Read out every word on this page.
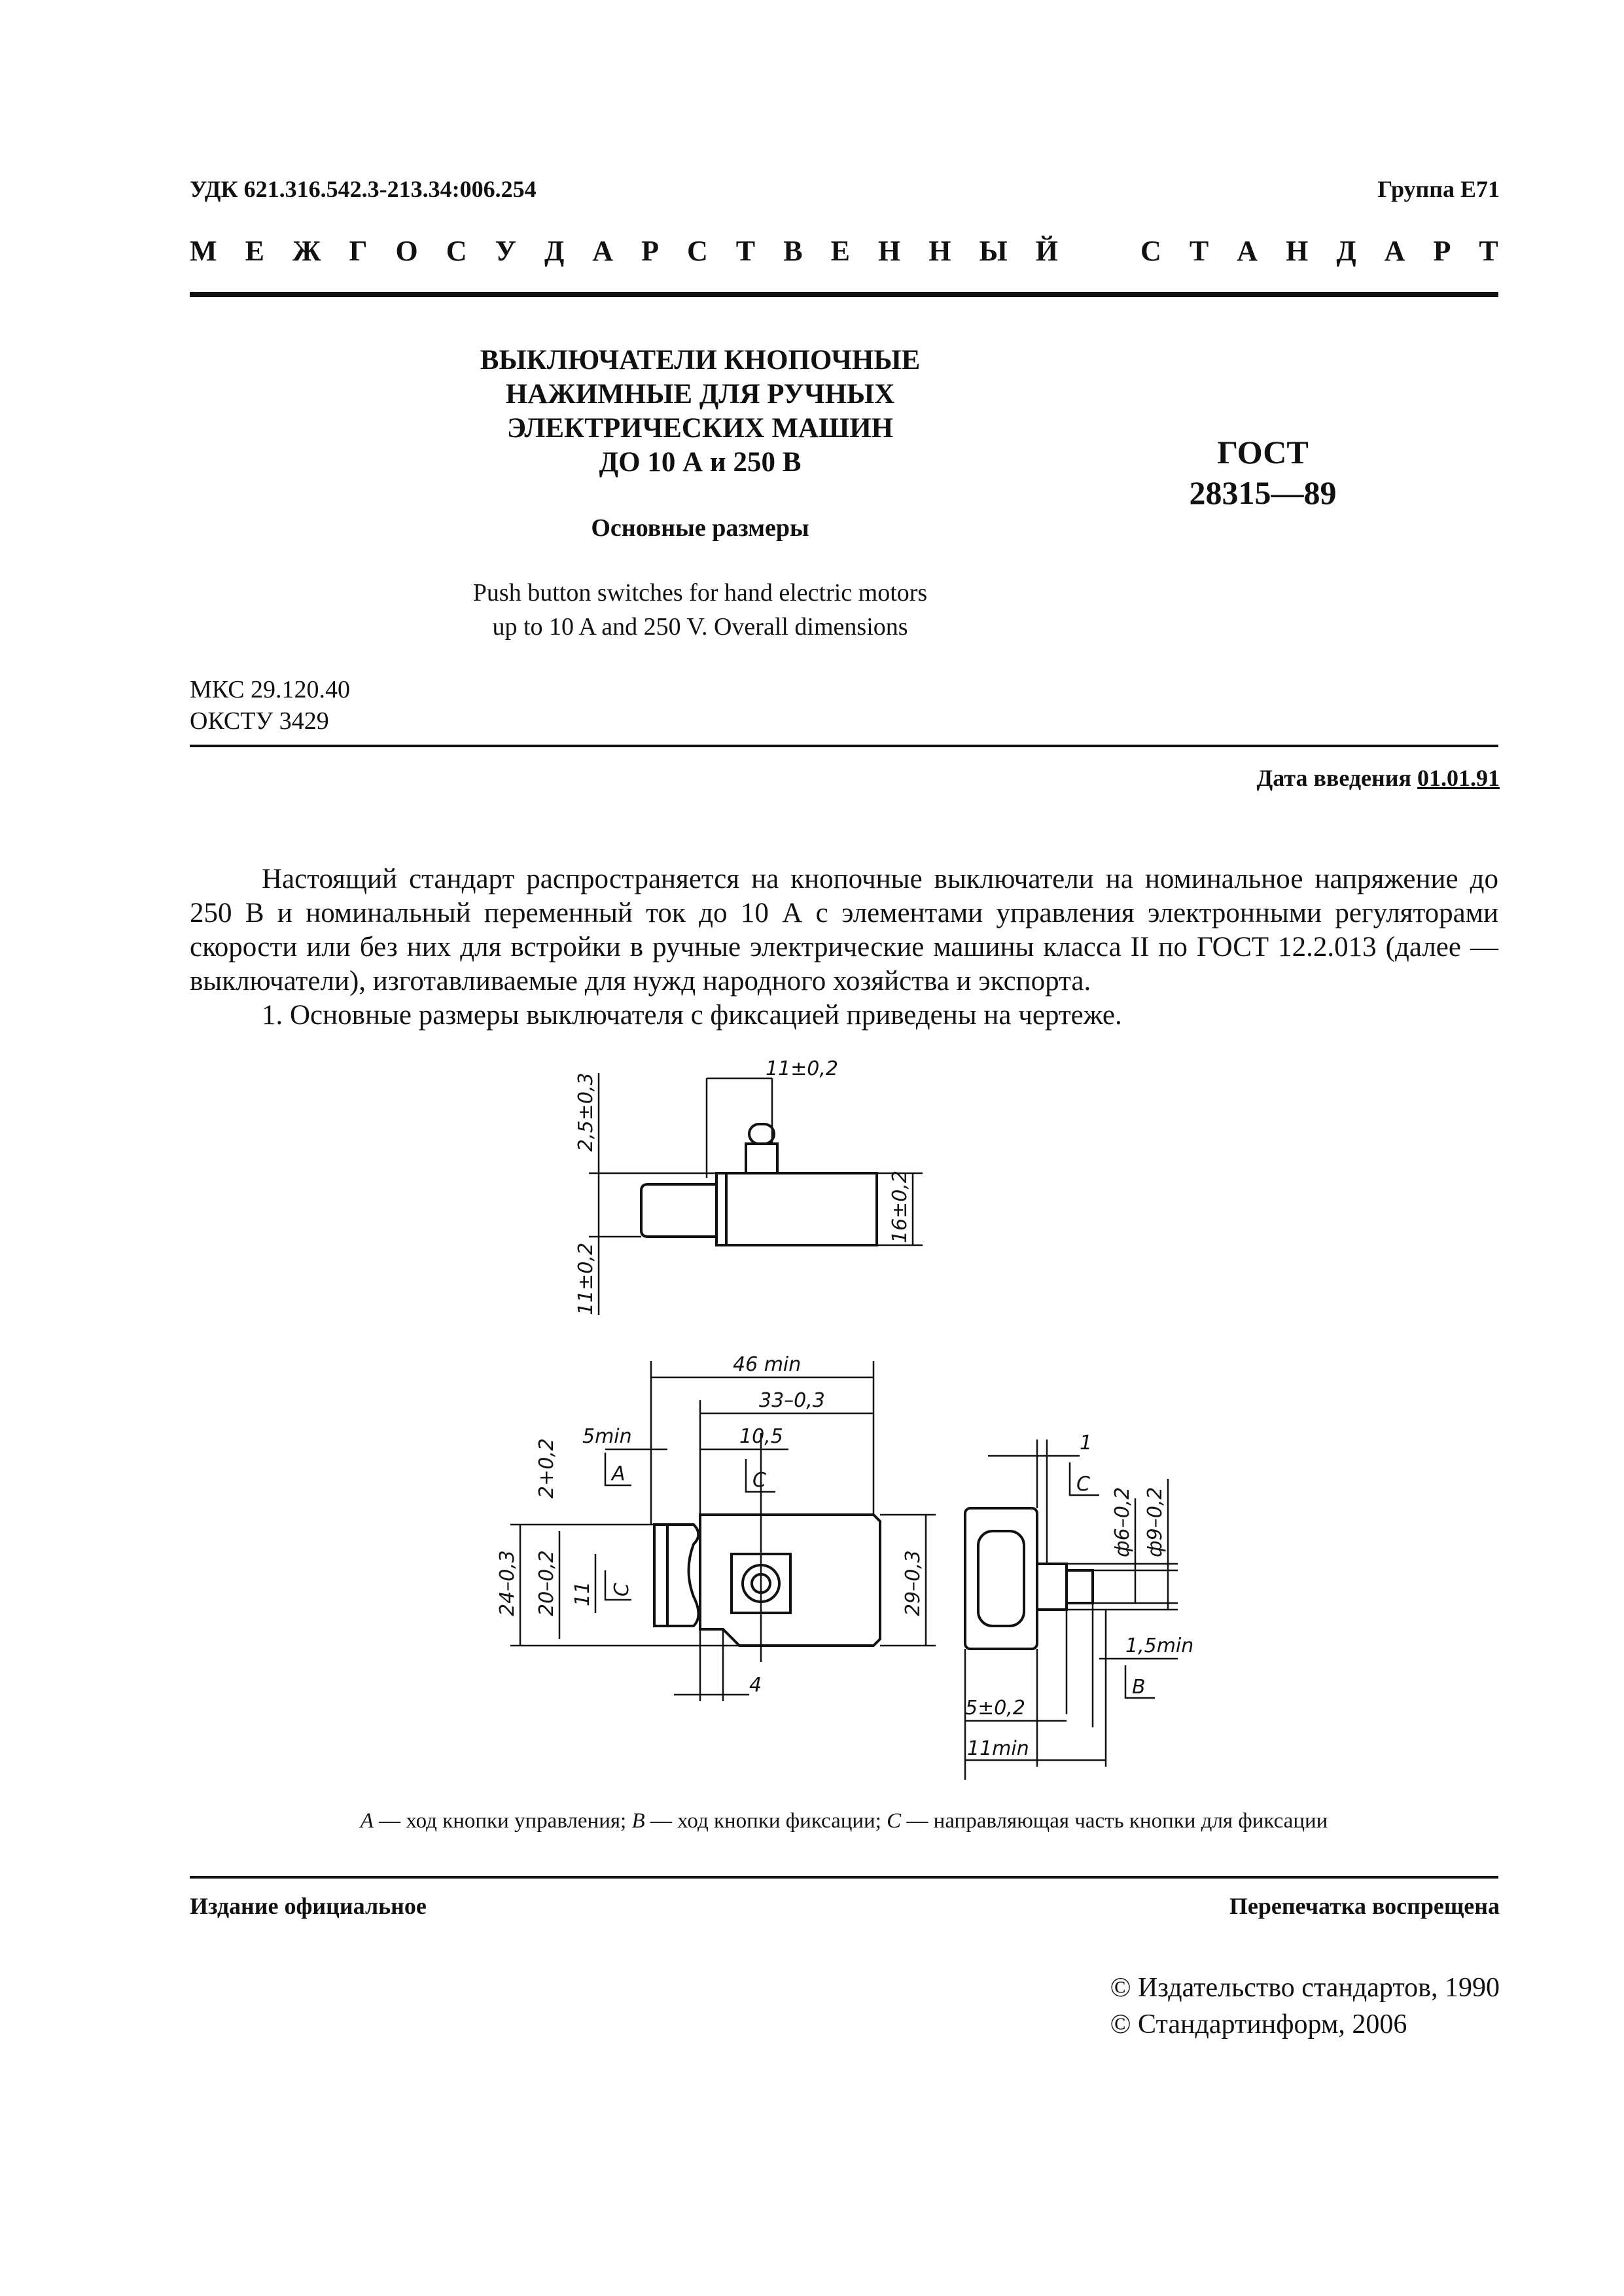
УДК 621.316.542.3-213.34:006.254	Группа Е71
М Е Ж Г О С У Д А Р С Т В Е Н Н Ы Й	С Т А Н Д А Р Т
ВЫКЛЮЧАТЕЛИ КНОПОЧНЫЕ
НАЖИМНЫЕ ДЛЯ РУЧНЫХ
ЭЛЕКТРИЧЕСКИХ МАШИН
ДО 10 А и 250 В
Основные размеры
Push button switches for hand electric motors
up to 10 A and 250 V. Overall dimensions
ГОСТ
28315—89
МКС 29.120.40
ОКСТУ 3429
Дата введения 01.01.91

Настоящий стандарт распространяется на кнопочные выключатели на номинальное напряжение до 250 В и номинальный переменный ток до 10 А с элементами управления электронными регуляторами скорости или без них для встройки в ручные электрические машины класса II по ГОСТ 12.2.013 (далее — выключатели), изготавливаемые для нужд народного хозяйства и экспорта.

1. Основные размеры выключателя с фиксацией приведены на чертеже.

11±0,2
2,5±0,3
11±0,2
16±0,2
46 min
33–0,3
10,5
5min
A	C
24–0,3 20–0,2 11 C
2+0,2
29–0,3
4
1
C
ф6–0,2 ф9–0,2
1,5min
B
5±0,2
11min
A — ход кнопки управления; B — ход кнопки фиксации; C — направляющая часть кнопки для фиксации
Издание официальное	Перепечатка воспрещена
© Издательство стандартов, 1990
© Стандартинформ, 2006
